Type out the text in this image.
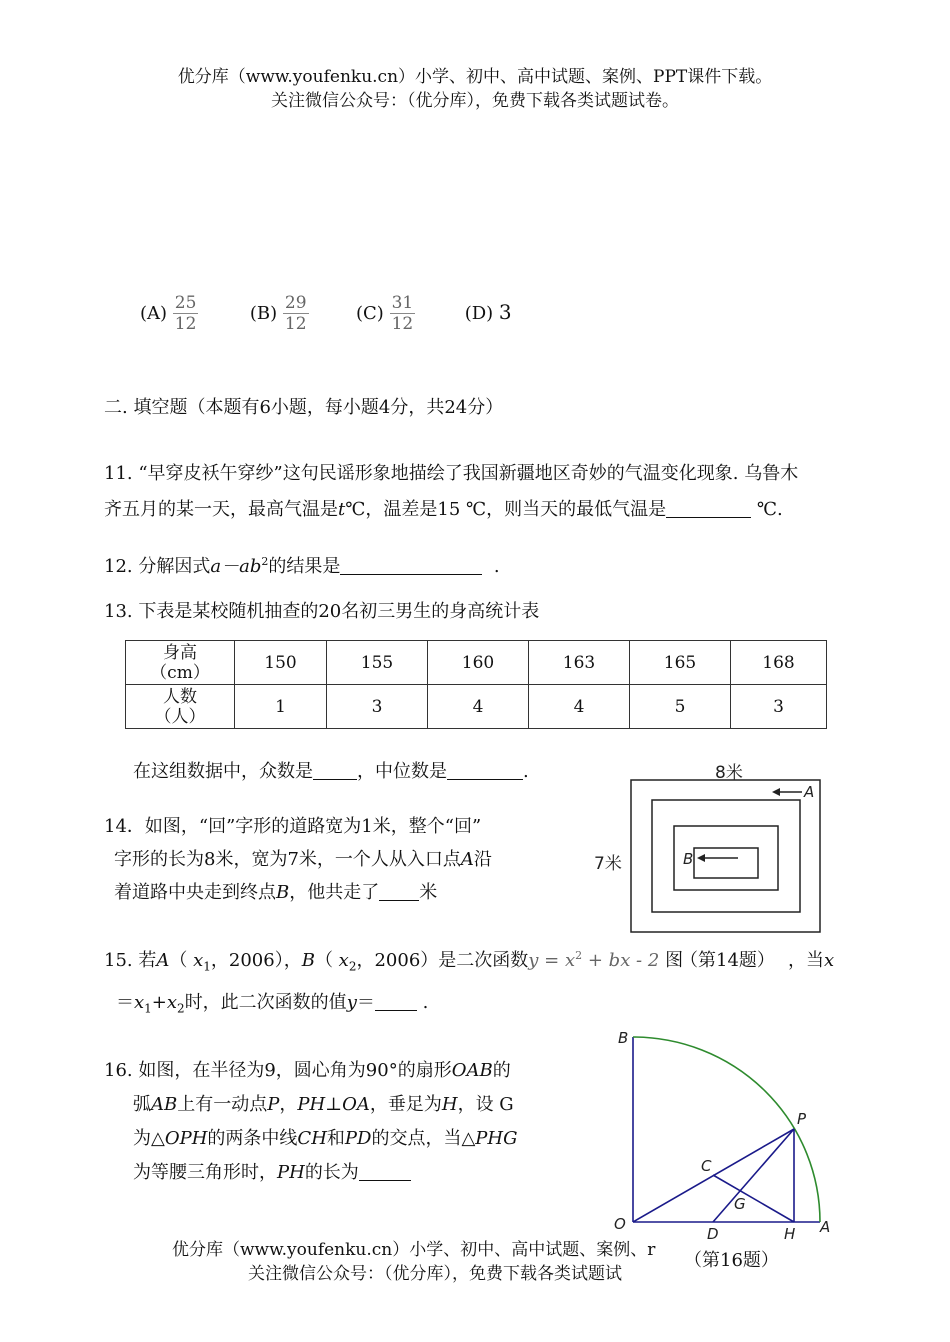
优分库（www.youfenku.cn）小学、初中、高中试题、案例、PPT课件下载。
关注微信公众号：（优分库），免费下载各类试题试卷。
$(A) \frac{25}{12}$	$(B) \frac{29}{12}$	$(C) \frac{31}{12}$	(D) 3
二. 填空题（本题有6小题，每小题4分，共24分）
11. “早穿皮袄午穿纱”这句民谣形象地描绘了我国新疆地区奇妙的气温变化现象. 乌鲁木
齐五月的某一天，最高气温是t℃，温差是15 ℃，则当天的最低气温是	℃.
12. 分解因式$a-ab^2$的结果是	.
13. 下表是某校随机抽查的20名初三男生的身高统计表
身高
（cm）	150	155	160	163	165	168
人数
（人）	1	3	4	4	5	3
在这组数据中，众数是 ，中位数是	.
14．如图，“回”字形的道路宽为1米，整个“回”
字形的长为8米，宽为7米，一个人从入口点A沿
着道路中央走到终点B，他共走了 米
8米
A
B
7米
15. 若A（ $x_1$，2006），B（ $x_2$，2006）是二次函数$y = x^2$ + bx - 2 图	，当x
（第14题）
$=x_1+x_2$时，此二次函数的值y＝	.
16. 如图，在半径为9，圆心角为90°的扇形OAB的
弧AB上有一动点P，PH⊥OA，垂足为H，设 G
为△OPH的两条中线CH和PD的交点，当△PHG
为等腰三角形时，PH的长为
B
P
C
G
O
D	H A
优分库（www.youfenku.cn）小学、初中、高中试题、案例、r
关注微信公众号：（优分库），免费下载各类试题试
（第16题）
